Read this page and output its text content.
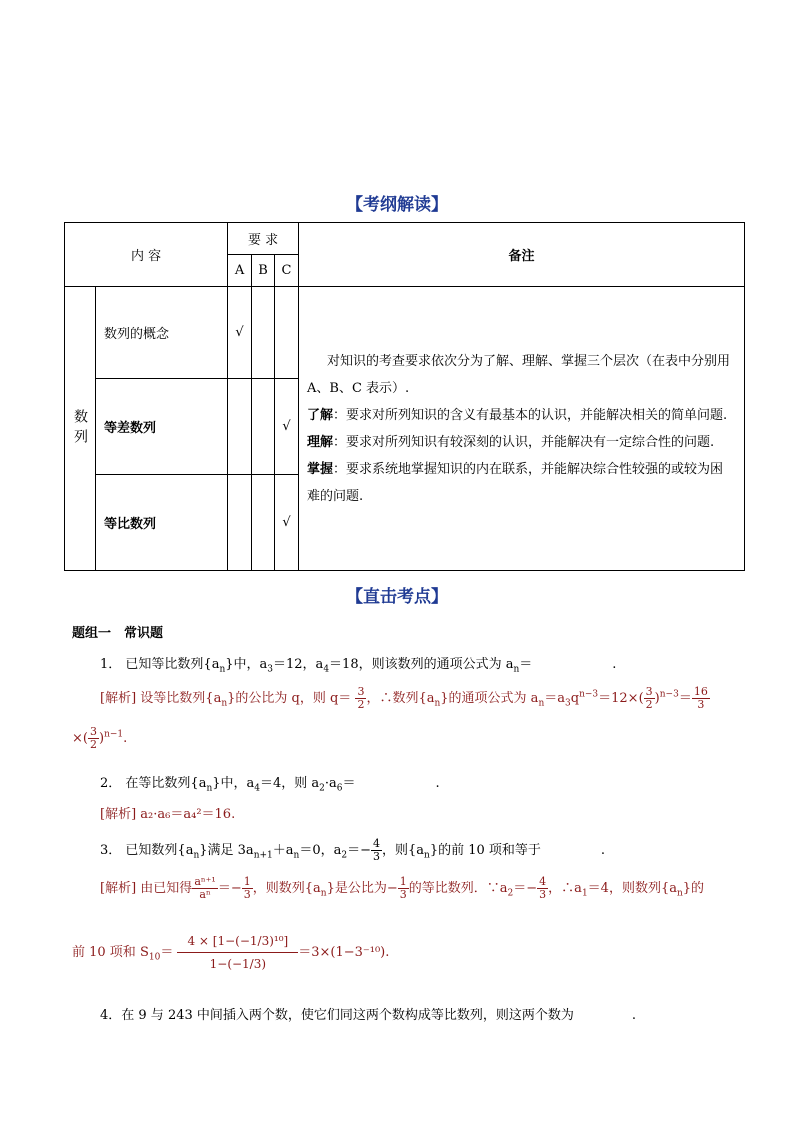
【考纲解读】
内 容		要 求			备注
		A	B	C	

数列	数列的概念	√			对知识的考查要求依次分为了解、理解、掌握三个层次（在表中分别用 A、B、C 表示）.

了解：要求对所列知识的含义有最基本的认识，并能解决相关的简单问题.

理解：要求对所列知识有较深刻的认识，并能解决有一定综合性的问题.

掌握：要求系统地掌握知识的内在联系，并能解决综合性较强的或较为困难的问题.

	等差数列			√	
	等比数列			√	
【直击考点】
题组一　常识题
1． 已知等比数列$\{a_n\}$中，$a_3=12$，$a_4=18$，则该数列的通项公式为 $a_n=$	.
[解析] 设等比数列$\{a_n\}$的公比为 q，则 $q= \frac{3}{2}$ ，∴数列$\{a_n\}$的通项公式为 $a_n=a_3q^{n-3}=12\times( \frac{3}{2} )^{n-3}= \frac{16}{3}$
×( $\frac{3}{2} )^{n-1}$.
2． 在等比数列$\{a_n\}$中，$a_4=4$，则 $a_2\cdot a_6=$	.
[解析] a₂·a₆＝a₄²＝16.
3． 已知数列$\{a_n\}$满足 $3a_{n+1}+a_n=0$，$a_2=- \frac{4}{3}$ ，则$\{a_n\}$的前 10 项和等于	.
[解析] 由已知得 $\frac{\text{aⁿ⁺¹}}{\text{aⁿ}} =- \frac{1}{3}$ ，则数列$\{a_n\}$是公比为− $\frac{1}{3}$ 的等比数列．$\because a_2=- \frac{4}{3}$ ，$\therefore a_1=4$，则数列$\{a_n\}$的
前 10 项和 $S_{10}= \frac{\text{4 × [1−(−1/3)¹⁰]}}{1-(-1/3)} =3\times(1-3^{-10})$.
4．在 9 与 243 中间插入两个数，使它们同这两个数构成等比数列，则这两个数为	.
